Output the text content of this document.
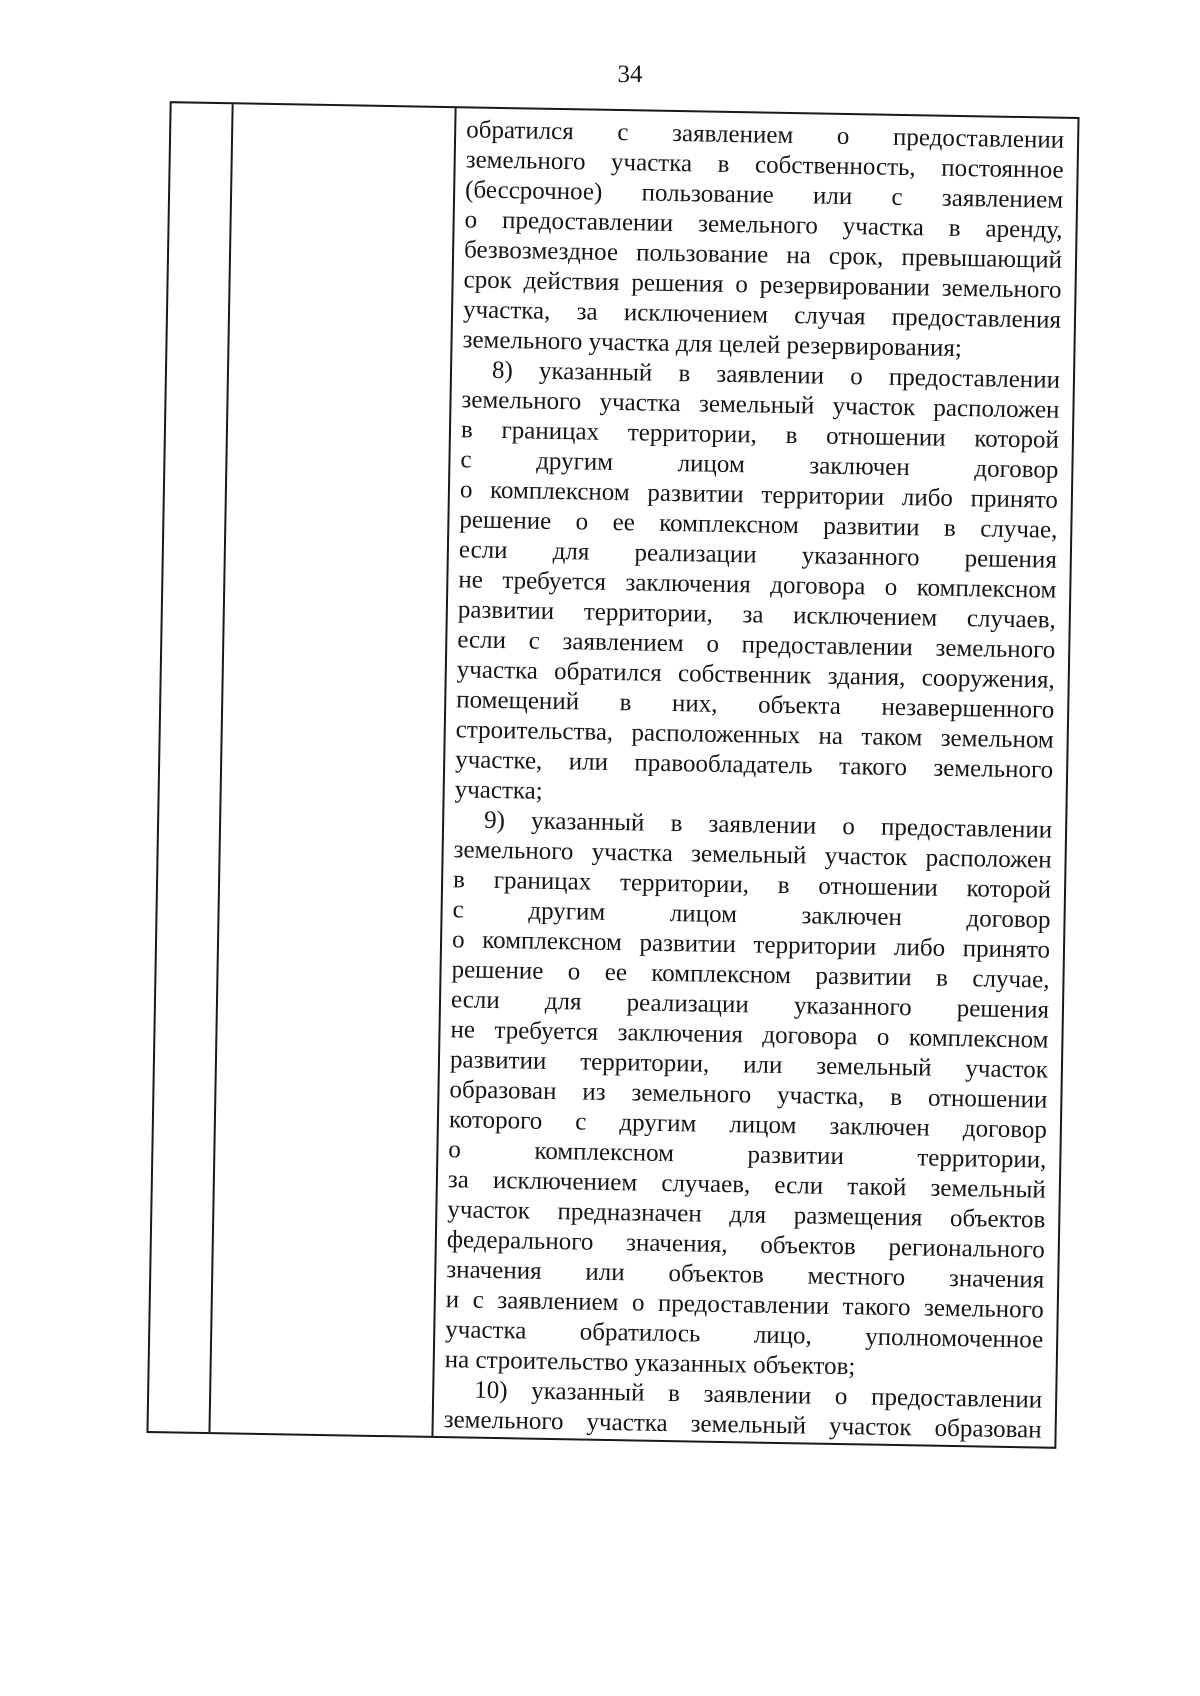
34
обратился с заявлением о предоставлении
земельного участка в собственность, постоянное
(бессрочное) пользование или с заявлением
о предоставлении земельного участка в аренду,
безвозмездное пользование на срок, превышающий
срок действия решения о резервировании земельного
участка, за исключением случая предоставления
земельного участка для целей резервирования;
8) указанный в заявлении о предоставлении
земельного участка земельный участок расположен
в границах территории, в отношении которой
с другим лицом заключен договор
о комплексном развитии территории либо принято
решение о ее комплексном развитии в случае,
если для реализации указанного решения
не требуется заключения договора о комплексном
развитии территории, за исключением случаев,
если с заявлением о предоставлении земельного
участка обратился собственник здания, сооружения,
помещений в них, объекта незавершенного
строительства, расположенных на таком земельном
участке, или правообладатель такого земельного
участка;
9) указанный в заявлении о предоставлении
земельного участка земельный участок расположен
в границах территории, в отношении которой
с другим лицом заключен договор
о комплексном развитии территории либо принято
решение о ее комплексном развитии в случае,
если для реализации указанного решения
не требуется заключения договора о комплексном
развитии территории, или земельный участок
образован из земельного участка, в отношении
которого с другим лицом заключен договор
о комплексном развитии территории,
за исключением случаев, если такой земельный
участок предназначен для размещения объектов
федерального значения, объектов регионального
значения или объектов местного значения
и с заявлением о предоставлении такого земельного
участка обратилось лицо, уполномоченное
на строительство указанных объектов;
10) указанный в заявлении о предоставлении
земельного участка земельный участок образован
